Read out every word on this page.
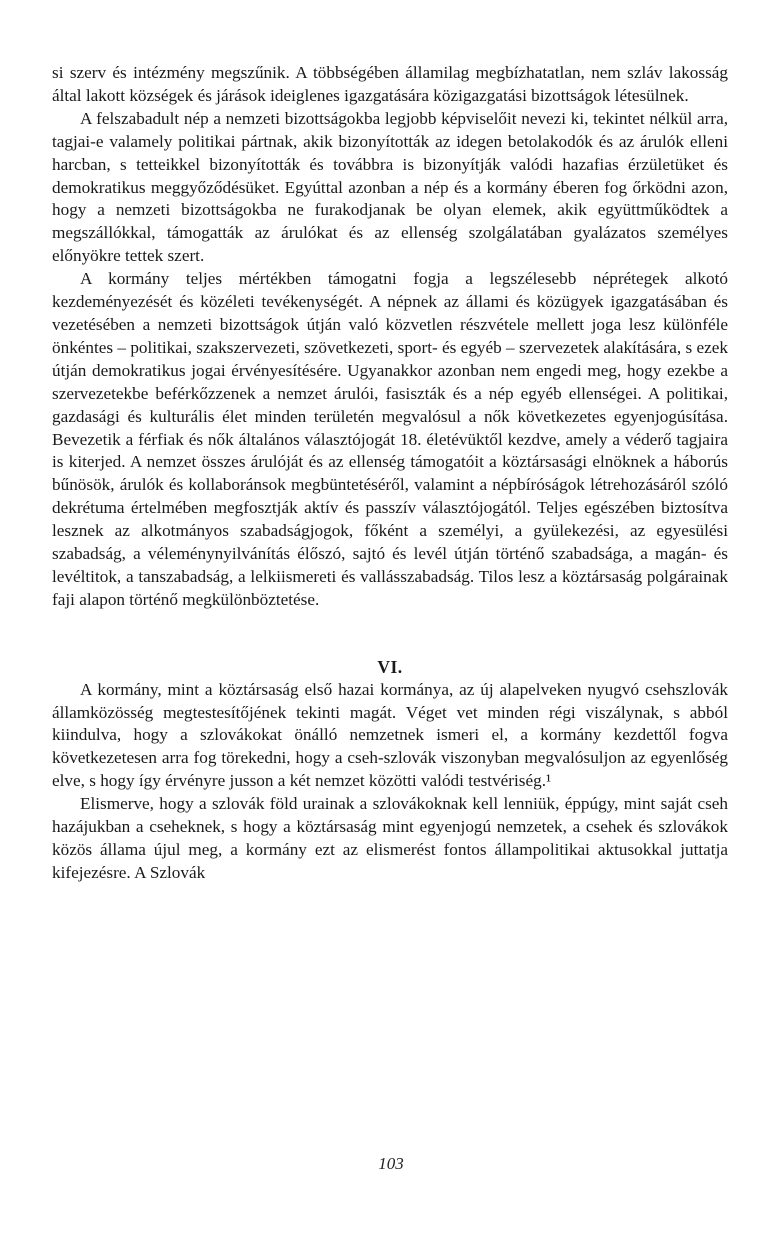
si szerv és intézmény megszűnik. A többségében államilag megbízhatatlan, nem szláv lakosság által lakott községek és járások ideiglenes igazgatására közigazgatási bizottságok létesülnek.

A felszabadult nép a nemzeti bizottságokba legjobb képviselőit nevezi ki, tekintet nélkül arra, tagjai-e valamely politikai pártnak, akik bizonyították az idegen betolakodók és az árulók elleni harcban, s tetteikkel bizonyították és továbbra is bizonyítják valódi hazafias érzületüket és demokratikus meggyőződésüket. Egyúttal azonban a nép és a kormány éberen fog őrködni azon, hogy a nemzeti bizottságokba ne furakodjanak be olyan elemek, akik együttműködtek a megszállókkal, támogatták az árulókat és az ellenség szolgálatában gyalázatos személyes előnyökre tettek szert.

A kormány teljes mértékben támogatni fogja a legszélesebb néprétegek alkotó kezdeményezését és közéleti tevékenységét. A népnek az állami és közügyek igazgatásában és vezetésében a nemzeti bizottságok útján való közvetlen részvétele mellett joga lesz különféle önkéntes – politikai, szakszervezeti, szövetkezeti, sport- és egyéb – szervezetek alakítására, s ezek útján demokratikus jogai érvényesítésére. Ugyanakkor azonban nem engedi meg, hogy ezekbe a szervezetekbe beférkőzzenek a nemzet árulói, fasiszták és a nép egyéb ellenségei. A politikai, gazdasági és kulturális élet minden területén megvalósul a nők következetes egyenjogúsítása. Bevezetik a férfiak és nők általános választójogát 18. életévüktől kezdve, amely a véderő tagjaira is kiterjed. A nemzet összes árulóját és az ellenség támogatóit a köztársasági elnöknek a háborús bűnösök, árulók és kollaboránsok megbüntetéséről, valamint a népbíróságok létrehozásáról szóló dekrétuma értelmében megfosztják aktív és passzív választójogától. Teljes egészében biztosítva lesznek az alkotmányos szabadságjogok, főként a személyi, a gyülekezési, az egyesülési szabadság, a véleménynyilvánítás élőszó, sajtó és levél útján történő szabadsága, a magán- és levéltitok, a tanszabadság, a lelkiismereti és vallásszabadság. Tilos lesz a köztársaság polgárainak faji alapon történő megkülönböztetése.

VI.

A kormány, mint a köztársaság első hazai kormánya, az új alapelveken nyugvó csehszlovák államközösség megtestesítőjének tekinti magát. Véget vet minden régi viszálynak, s abból kiindulva, hogy a szlovákokat önálló nemzetnek ismeri el, a kormány kezdettől fogva következetesen arra fog törekedni, hogy a cseh-szlovák viszonyban megvalósuljon az egyenlőség elve, s hogy így érvényre jusson a két nemzet közötti valódi testvériség.¹

Elismerve, hogy a szlovák föld urainak a szlovákoknak kell lenniük, éppúgy, mint saját cseh hazájukban a cseheknek, s hogy a köztársaság mint egyenjogú nemzetek, a csehek és szlovákok közös állama újul meg, a kormány ezt az elismerést fontos állampolitikai aktusokkal juttatja kifejezésre. A Szlovák

103
